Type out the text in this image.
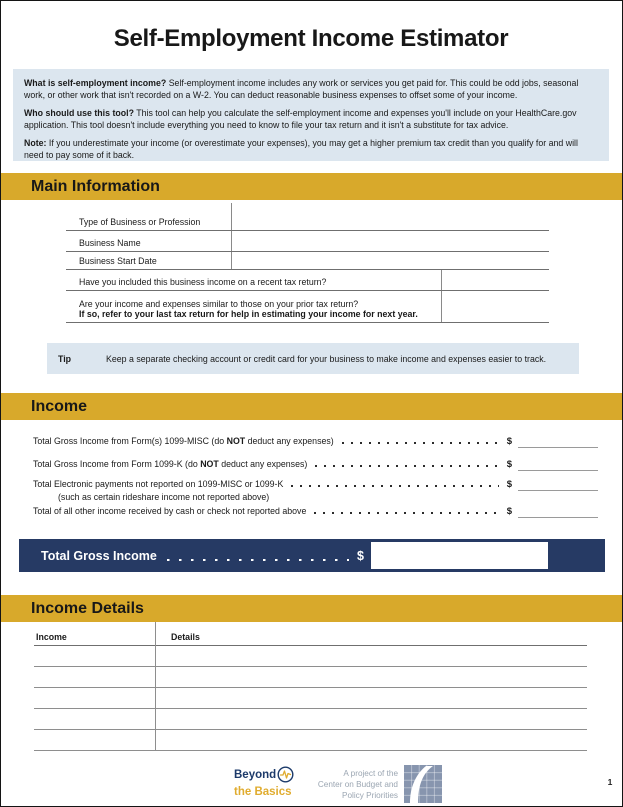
Self-Employment Income Estimator

What is self-employment income? Self-employment income includes any work or services you get paid for. This could be odd jobs, seasonal work, or other work that isn't recorded on a W-2. You can deduct reasonable business expenses to offset some of your income.

Who should use this tool? This tool can help you calculate the self-employment income and expenses you'll include on your HealthCare.gov application. This tool doesn't include everything you need to know to file your tax return and it isn't a substitute for tax advice.

Note: If you underestimate your income (or overestimate your expenses), you may get a higher premium tax credit than you qualify for and will need to pay some of it back.

Main Information
Type of Business or Profession
Business Name
Business Start Date
Have you included this business income on a recent tax return?
Are your income and expenses similar to those on your prior tax return?
If so, refer to your last tax return for help in estimating your income for next year.
Tip	Keep a separate checking account or credit card for your business to make income and expenses easier to track.
Income
Total Gross Income from Form(s) 1099-MISC (do NOT deduct any expenses)	$
Total Gross Income from Form 1099-K (do NOT deduct any expenses)	$
Total Electronic payments not reported on 1099-MISC or 1099-K	$
(such as certain rideshare income not reported above)
Total of all other income received by cash or check not reported above	$
Total Gross Income	$
Income Details
Income	Details
Beyond
the Basics
A project of the
Center on Budget and
Policy Priorities
1
